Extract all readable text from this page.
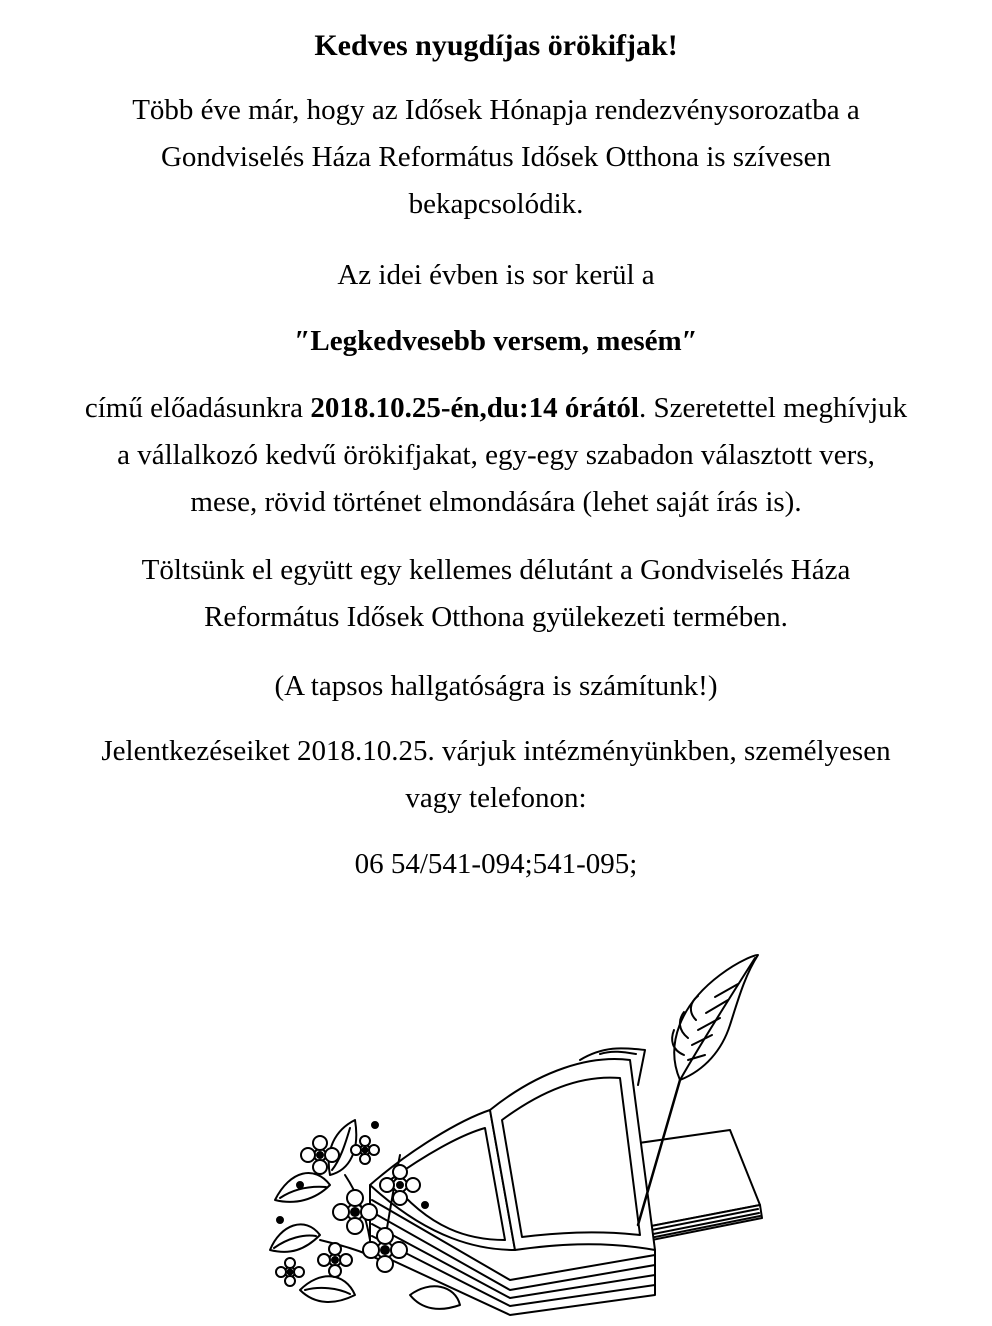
Kedves nyugdíjas örökifjak!
Több éve már, hogy az Idősek Hónapja rendezvénysorozatba a
Gondviselés Háza Református Idősek Otthona is szívesen
bekapcsolódik.
Az idei évben is sor kerül a
″Legkedvesebb versem, mesém″
című előadásunkra 2018.10.25-én,du:14 órától. Szeretettel meghívjuk
a vállalkozó kedvű örökifjakat, egy-egy szabadon választott vers,
mese, rövid történet elmondására (lehet saját írás is).
Töltsünk el együtt egy kellemes délutánt a Gondviselés Háza
Református Idősek Otthona gyülekezeti termében.
(A tapsos hallgatóságra is számítunk!)
Jelentkezéseiket 2018.10.25. várjuk intézményünkben, személyesen
vagy telefonon:
06 54/541-094;541-095;
